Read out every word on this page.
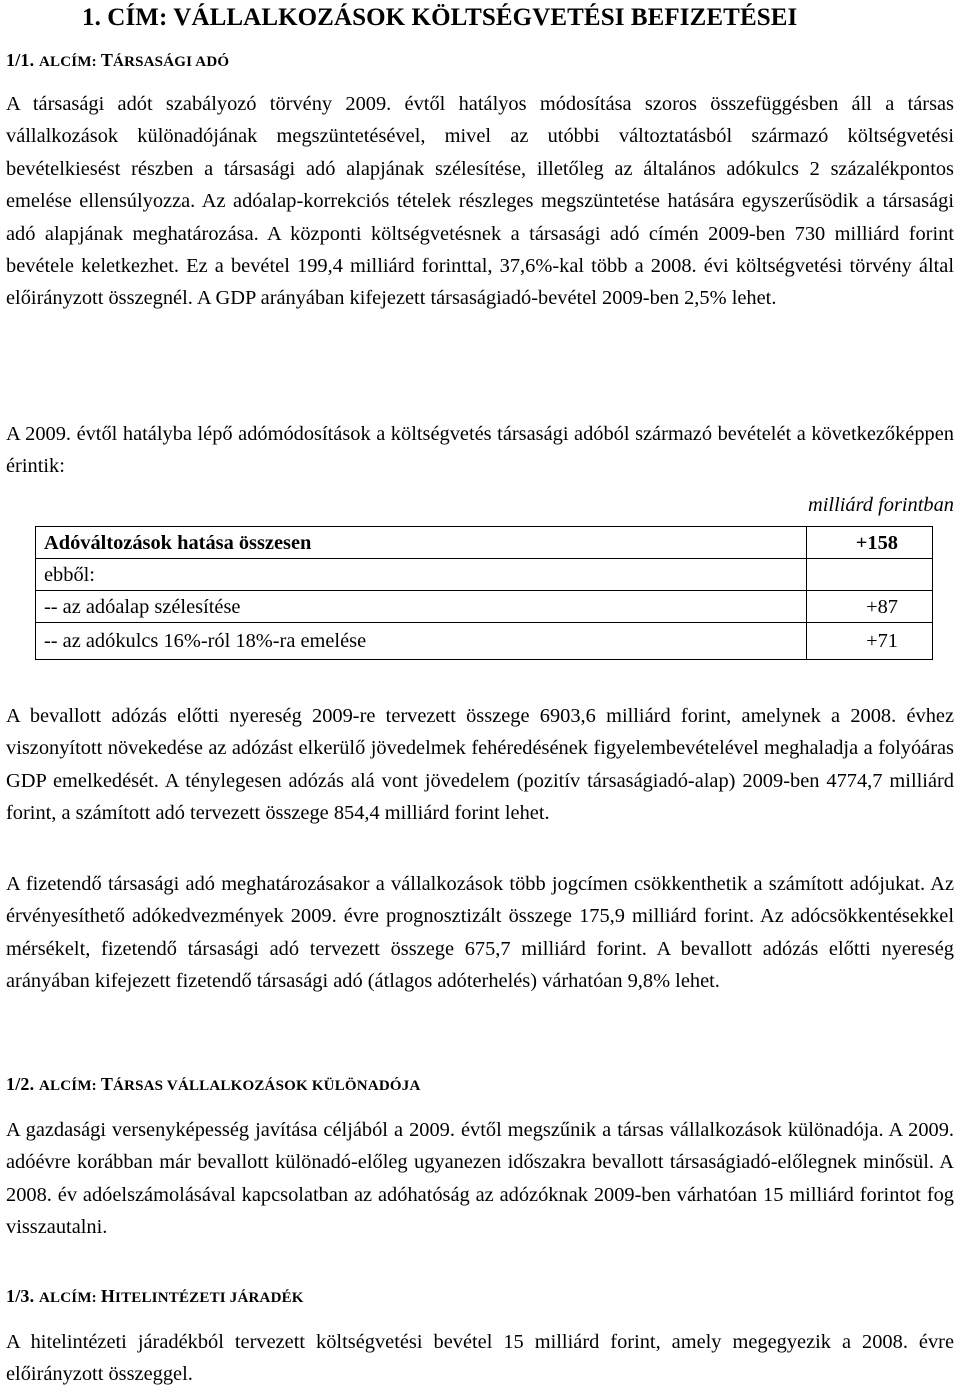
1. CÍM: VÁLLALKOZÁSOK KÖLTSÉGVETÉSI BEFIZETÉSEI
1/1. ALCÍM: TÁRSASÁGI ADÓ
A társasági adót szabályozó törvény 2009. évtől hatályos módosítása szoros összefüggésben áll a társas vállalkozások különadójának megszüntetésével, mivel az utóbbi változtatásból származó költségvetési bevételkiesést részben a társasági adó alapjának szélesítése, illetőleg az általános adókulcs 2 százalékpontos emelése ellensúlyozza. Az adóalap-korrekciós tételek részleges megszüntetése hatására egyszerűsödik a társasági adó alapjának meghatározása. A központi költségvetésnek a társasági adó címén 2009-ben 730 milliárd forint bevétele keletkezhet. Ez a bevétel 199,4 milliárd forinttal, 37,6%-kal több a 2008. évi költségvetési törvény által előirányzott összegnél. A GDP arányában kifejezett társaságiadó-bevétel 2009-ben 2,5% lehet.
A 2009. évtől hatályba lépő adómódosítások a költségvetés társasági adóból származó bevételét a következőképpen érintik:
milliárd forintban
Adóváltozások hatása összesen	+158
ebből:	
-- az adóalap szélesítése	+87
-- az adókulcs 16%-ról 18%-ra emelése	+71
A bevallott adózás előtti nyereség 2009-re tervezett összege 6903,6 milliárd forint, amelynek a 2008. évhez viszonyított növekedése az adózást elkerülő jövedelmek fehéredésének figyelembevételével meghaladja a folyóáras GDP emelkedését. A ténylegesen adózás alá vont jövedelem (pozitív társaságiadó-alap) 2009-ben 4774,7 milliárd forint, a számított adó tervezett összege 854,4 milliárd forint lehet.
A fizetendő társasági adó meghatározásakor a vállalkozások több jogcímen csökkenthetik a számított adójukat. Az érvényesíthető adókedvezmények 2009. évre prognosztizált összege 175,9 milliárd forint. Az adócsökkentésekkel mérsékelt, fizetendő társasági adó tervezett összege 675,7 milliárd forint. A bevallott adózás előtti nyereség arányában kifejezett fizetendő társasági adó (átlagos adóterhelés) várhatóan 9,8% lehet.
1/2. ALCÍM: TÁRSAS VÁLLALKOZÁSOK KÜLÖNADÓJA
A gazdasági versenyképesség javítása céljából a 2009. évtől megszűnik a társas vállalkozások különadója. A 2009. adóévre korábban már bevallott különadó-előleg ugyanezen időszakra bevallott társaságiadó-előlegnek minősül. A 2008. év adóelszámolásával kapcsolatban az adóhatóság az adózóknak 2009-ben várhatóan 15 milliárd forintot fog visszautalni.
1/3. ALCÍM: HITELINTÉZETI JÁRADÉK
A hitelintézeti járadékból tervezett költségvetési bevétel 15 milliárd forint, amely megegyezik a 2008. évre előirányzott összeggel.
